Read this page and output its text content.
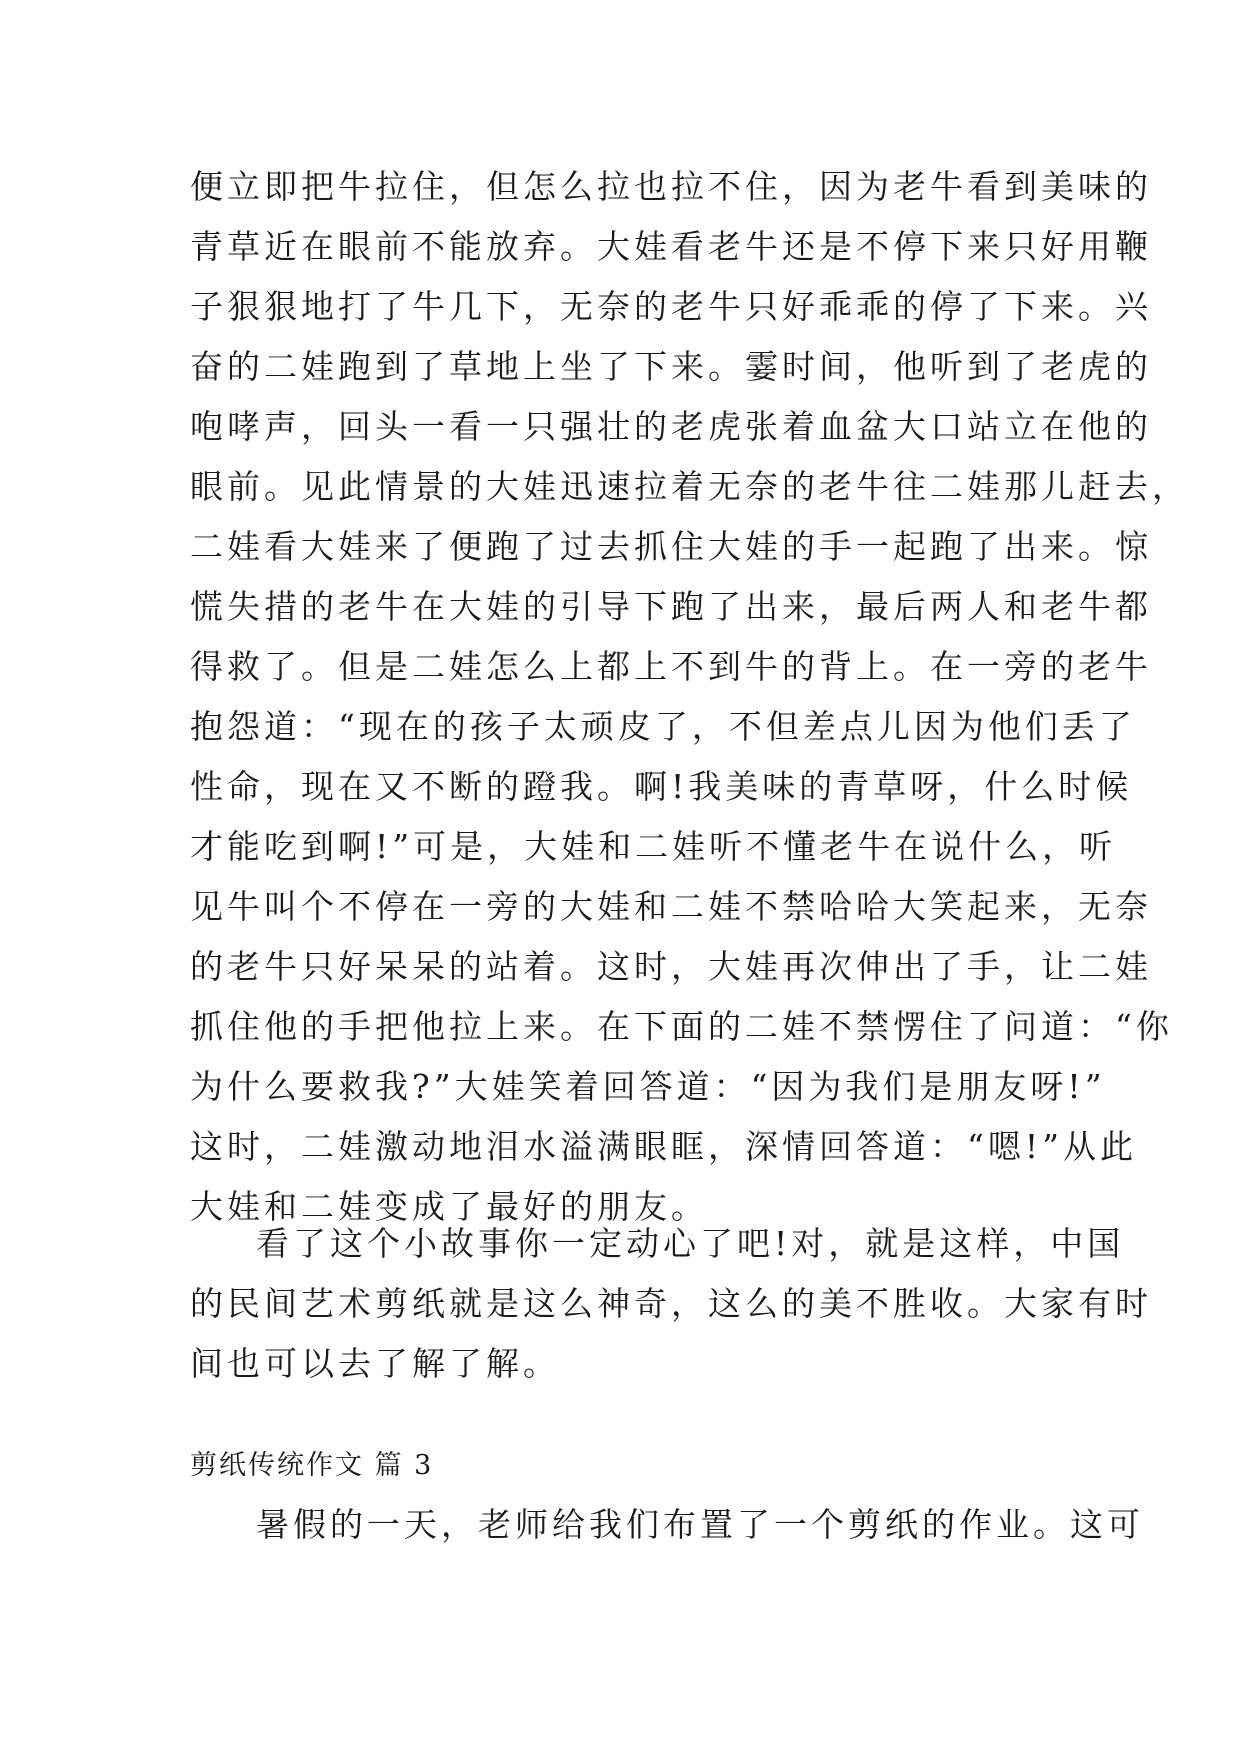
便立即把牛拉住，但怎么拉也拉不住，因为老牛看到美味的
青草近在眼前不能放弃。大娃看老牛还是不停下来只好用鞭
子狠狠地打了牛几下，无奈的老牛只好乖乖的停了下来。兴
奋的二娃跑到了草地上坐了下来。霎时间，他听到了老虎的
咆哮声，回头一看一只强壮的老虎张着血盆大口站立在他的
眼前。见此情景的大娃迅速拉着无奈的老牛往二娃那儿赶去，
二娃看大娃来了便跑了过去抓住大娃的手一起跑了出来。惊
慌失措的老牛在大娃的引导下跑了出来，最后两人和老牛都
得救了。但是二娃怎么上都上不到牛的背上。在一旁的老牛
抱怨道：“现在的孩子太顽皮了，不但差点儿因为他们丢了
性命，现在又不断的蹬我。啊!我美味的青草呀，什么时候
才能吃到啊!”可是，大娃和二娃听不懂老牛在说什么，听
见牛叫个不停在一旁的大娃和二娃不禁哈哈大笑起来，无奈
的老牛只好呆呆的站着。这时，大娃再次伸出了手，让二娃
抓住他的手把他拉上来。在下面的二娃不禁愣住了问道：“你
为什么要救我?”大娃笑着回答道：“因为我们是朋友呀!”
这时，二娃激动地泪水溢满眼眶，深情回答道：“嗯!”从此
大娃和二娃变成了最好的朋友。
看了这个小故事你一定动心了吧!对，就是这样，中国
的民间艺术剪纸就是这么神奇，这么的美不胜收。大家有时
间也可以去了解了解。
剪纸传统作文 篇 3
暑假的一天，老师给我们布置了一个剪纸的作业。这可
